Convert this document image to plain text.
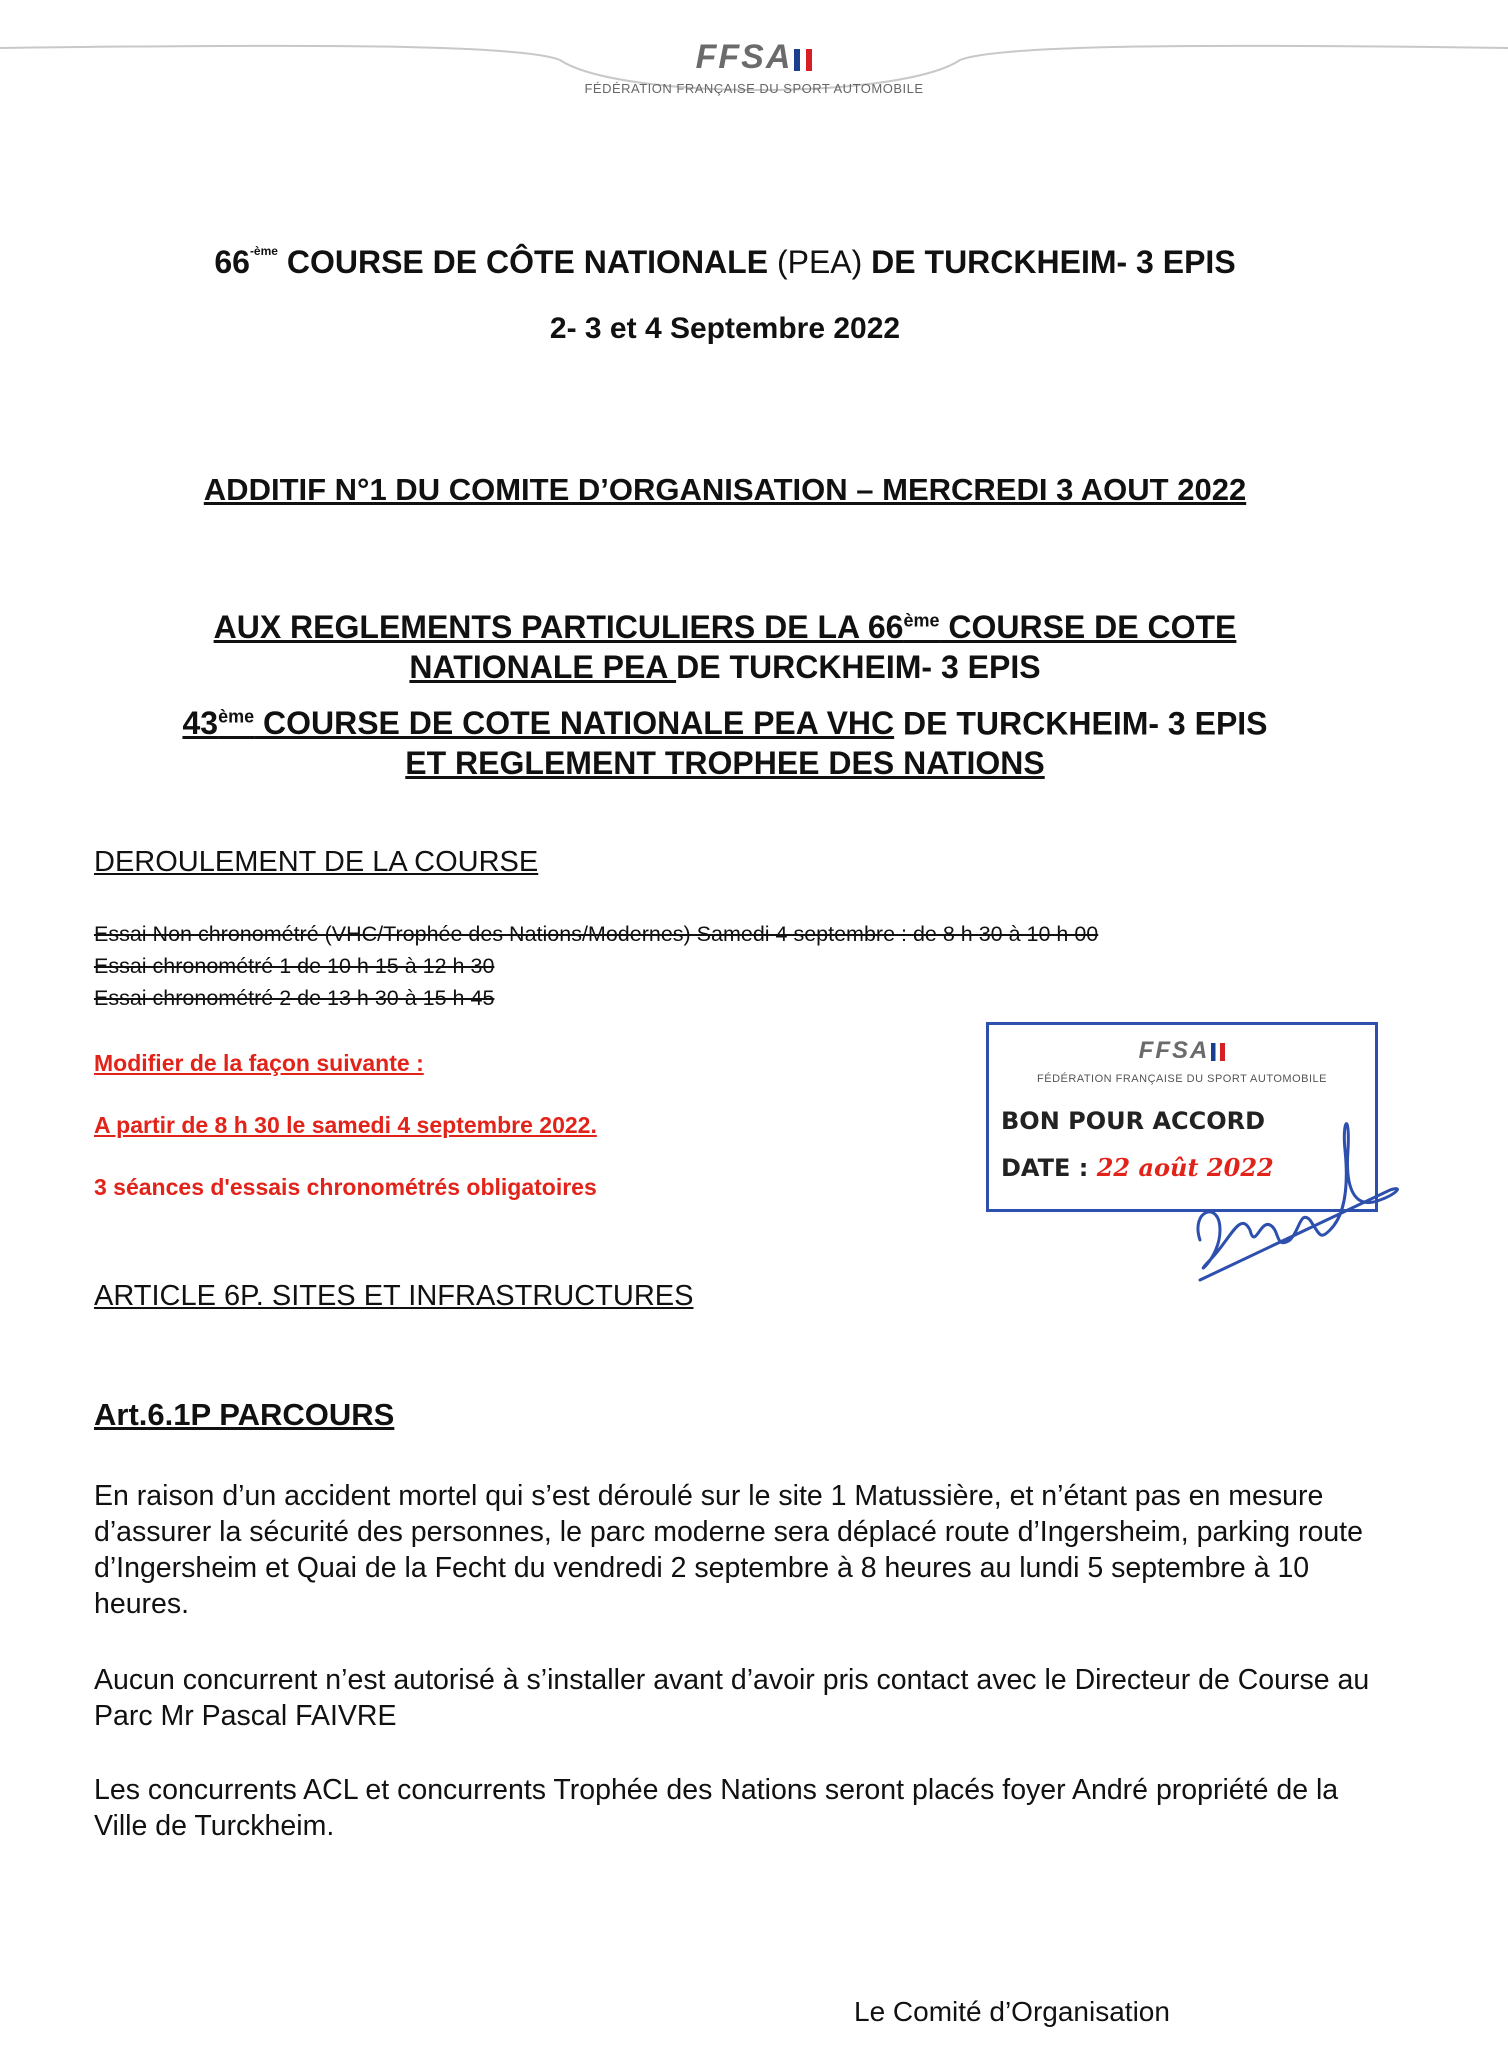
FFSA
FÉDÉRATION FRANÇAISE DU SPORT AUTOMOBILE
$66^{-ème}$ COURSE DE CÔTE NATIONALE (PEA) DE TURCKHEIM- 3 EPIS
2- 3 et 4 Septembre 2022
ADDITIF N°1 DU COMITE D’ORGANISATION – MERCREDI 3 AOUT 2022
AUX REGLEMENTS PARTICULIERS DE LA 66ème COURSE DE COTE
NATIONALE PEA DE TURCKHEIM- 3 EPIS
43ème COURSE DE COTE NATIONALE PEA VHC DE TURCKHEIM- 3 EPIS
ET REGLEMENT TROPHEE DES NATIONS
DEROULEMENT DE LA COURSE
Essai Non chronométré (VHC/Trophée des Nations/Modernes) Samedi 4 septembre : de 8 h 30 à 10 h 00
Essai chronométré 1 de 10 h 15 à 12 h 30
Essai chronométré 2 de 13 h 30 à 15 h 45
Modifier de la façon suivante :
A partir de 8 h 30 le samedi 4 septembre 2022.
3 séances d'essais chronométrés obligatoires
FFSA
FÉDÉRATION FRANÇAISE DU SPORT AUTOMOBILE
BON POUR ACCORD
DATE : 22 août 2022
ARTICLE 6P. SITES ET INFRASTRUCTURES
Art.6.1P PARCOURS
En raison d’un accident mortel qui s’est déroulé sur le site 1 Matussière, et n’étant pas en mesure d’assurer la sécurité des personnes, le parc moderne sera déplacé route d’Ingersheim, parking route d’Ingersheim et Quai de la Fecht du vendredi 2 septembre à 8 heures au lundi 5 septembre à 10 heures.
Aucun concurrent n’est autorisé à s’installer avant d’avoir pris contact avec le Directeur de Course au Parc Mr Pascal FAIVRE
Les concurrents ACL et concurrents Trophée des Nations seront placés foyer André propriété de la Ville de Turckheim.
Le Comité d’Organisation
